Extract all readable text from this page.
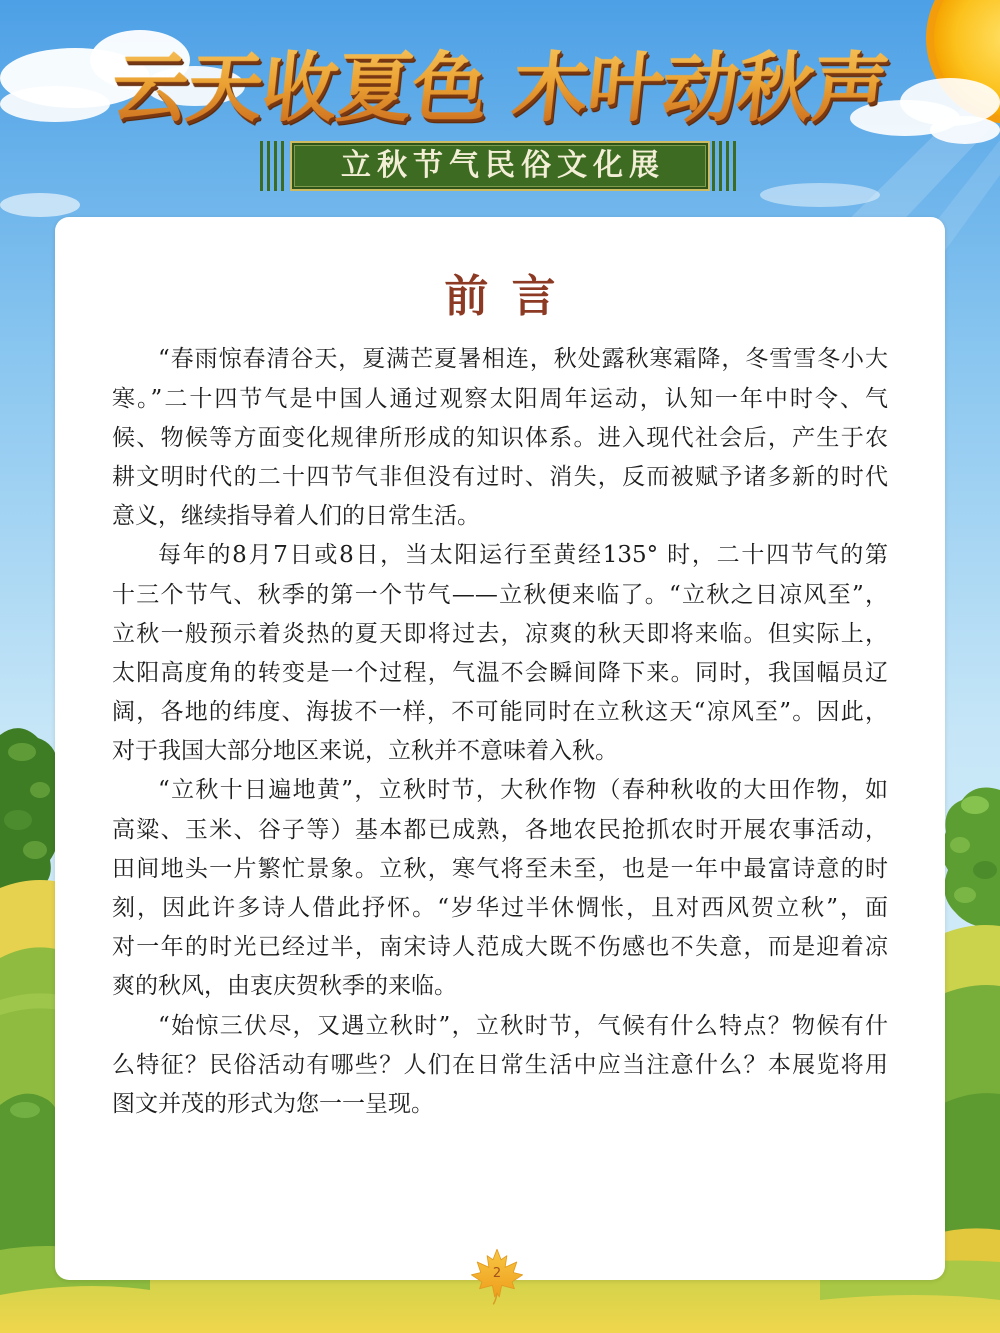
云天收夏色 木叶动秋声
立秋节气民俗文化展
前 言
“春雨惊春清谷天，夏满芒夏暑相连，秋处露秋寒霜降，冬雪雪冬小大
寒。”二十四节气是中国人通过观察太阳周年运动，认知一年中时令、气
候、物候等方面变化规律所形成的知识体系。进入现代社会后，产生于农
耕文明时代的二十四节气非但没有过时、消失，反而被赋予诸多新的时代
意义，继续指导着人们的日常生活。
每年的8月7日或8日，当太阳运行至黄经135° 时，二十四节气的第
十三个节气、秋季的第一个节气——立秋便来临了。“立秋之日凉风至”，
立秋一般预示着炎热的夏天即将过去，凉爽的秋天即将来临。但实际上，
太阳高度角的转变是一个过程，气温不会瞬间降下来。同时，我国幅员辽
阔，各地的纬度、海拔不一样，不可能同时在立秋这天“凉风至”。因此，
对于我国大部分地区来说，立秋并不意味着入秋。
“立秋十日遍地黄”，立秋时节，大秋作物（春种秋收的大田作物，如
高粱、玉米、谷子等）基本都已成熟，各地农民抢抓农时开展农事活动，
田间地头一片繁忙景象。立秋，寒气将至未至，也是一年中最富诗意的时
刻，因此许多诗人借此抒怀。“岁华过半休惆怅，且对西风贺立秋”，面
对一年的时光已经过半，南宋诗人范成大既不伤感也不失意，而是迎着凉
爽的秋风，由衷庆贺秋季的来临。
“始惊三伏尽，又遇立秋时”，立秋时节，气候有什么特点？物候有什
么特征？民俗活动有哪些？人们在日常生活中应当注意什么？本展览将用
图文并茂的形式为您一一呈现。
2
